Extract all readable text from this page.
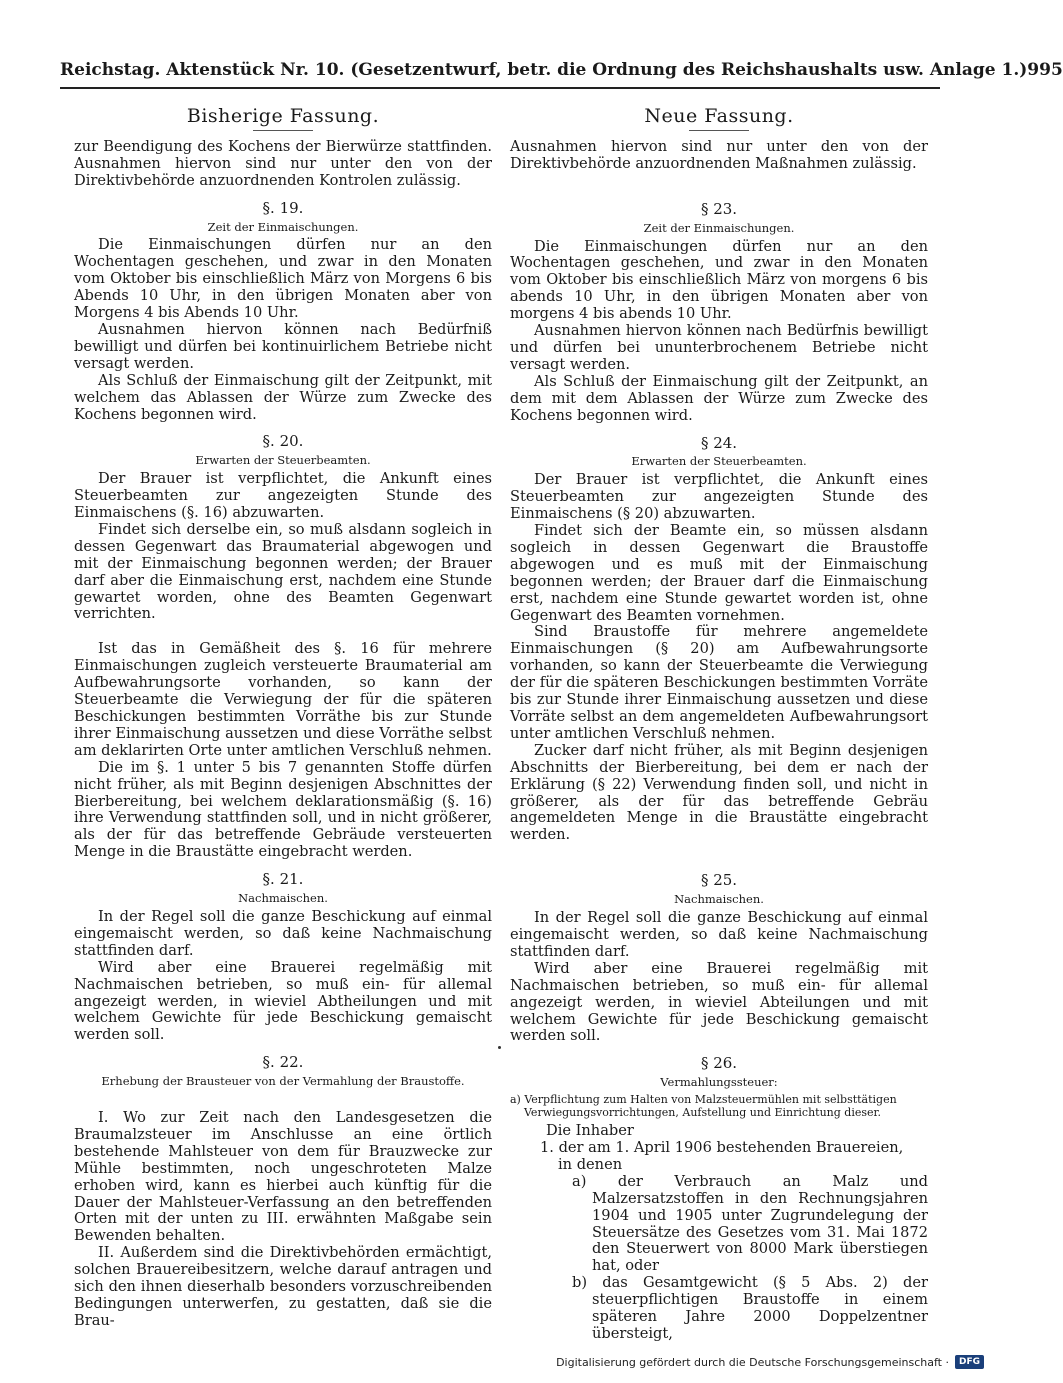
Reichstag. Aktenstück Nr. 10. (Gesetzentwurf, betr. die Ordnung des Reichshaushalts usw. Anlage 1.) 995
Bisherige Fassung.

zur Beendigung des Kochens der Bierwürze stattfinden. Ausnahmen hiervon sind nur unter den von der Direktivbehörde anzuordnenden Kontrolen zulässig.

§. 19.
Zeit der Einmaischungen.

Die Einmaischungen dürfen nur an den Wochentagen geschehen, und zwar in den Monaten vom Oktober bis einschließlich März von Morgens 6 bis Abends 10 Uhr, in den übrigen Monaten aber von Morgens 4 bis Abends 10 Uhr.

Ausnahmen hiervon können nach Bedürfniß bewilligt und dürfen bei kontinuirlichem Betriebe nicht versagt werden.

Als Schluß der Einmaischung gilt der Zeitpunkt, mit welchem das Ablassen der Würze zum Zwecke des Kochens begonnen wird.

§. 20.
Erwarten der Steuerbeamten.

Der Brauer ist verpflichtet, die Ankunft eines Steuerbeamten zur angezeigten Stunde des Einmaischens (§. 16) abzuwarten.

Findet sich derselbe ein, so muß alsdann sogleich in dessen Gegenwart das Braumaterial abgewogen und mit der Einmaischung begonnen werden; der Brauer darf aber die Einmaischung erst, nachdem eine Stunde gewartet worden, ohne des Beamten Gegenwart verrichten.

Ist das in Gemäßheit des §. 16 für mehrere Einmaischungen zugleich versteuerte Braumaterial am Aufbewahrungsorte vorhanden, so kann der Steuerbeamte die Verwiegung der für die späteren Beschickungen bestimmten Vorräthe bis zur Stunde ihrer Einmaischung aussetzen und diese Vorräthe selbst am deklarirten Orte unter amtlichen Verschluß nehmen.

Die im §. 1 unter 5 bis 7 genannten Stoffe dürfen nicht früher, als mit Beginn desjenigen Abschnittes der Bierbereitung, bei welchem deklarationsmäßig (§. 16) ihre Verwendung stattfinden soll, und in nicht größerer, als der für das betreffende Gebräude versteuerten Menge in die Braustätte eingebracht werden.

§. 21.
Nachmaischen.

In der Regel soll die ganze Beschickung auf einmal eingemaischt werden, so daß keine Nachmaischung stattfinden darf.

Wird aber eine Brauerei regelmäßig mit Nachmaischen betrieben, so muß ein- für allemal angezeigt werden, in wieviel Abtheilungen und mit welchem Gewichte für jede Beschickung gemaischt werden soll.

§. 22.
Erhebung der Brausteuer von der Vermahlung der Braustoffe.

I. Wo zur Zeit nach den Landesgesetzen die Braumalzsteuer im Anschlusse an eine örtlich bestehende Mahlsteuer von dem für Brauzwecke zur Mühle bestimmten, noch ungeschroteten Malze erhoben wird, kann es hierbei auch künftig für die Dauer der Mahlsteuer-Verfassung an den betreffenden Orten mit der unten zu III. erwähnten Maßgabe sein Bewenden behalten.

II. Außerdem sind die Direktivbehörden ermächtigt, solchen Brauereibesitzern, welche darauf antragen und sich den ihnen dieserhalb besonders vorzuschreibenden Bedingungen unterwerfen, zu gestatten, daß sie die Brau-

Neue Fassung.

Ausnahmen hiervon sind nur unter den von der Direktivbehörde anzuordnenden Maßnahmen zulässig.

§ 23.
Zeit der Einmaischungen.

Die Einmaischungen dürfen nur an den Wochentagen geschehen, und zwar in den Monaten vom Oktober bis einschließlich März von morgens 6 bis abends 10 Uhr, in den übrigen Monaten aber von morgens 4 bis abends 10 Uhr.

Ausnahmen hiervon können nach Bedürfnis bewilligt und dürfen bei ununterbrochenem Betriebe nicht versagt werden.

Als Schluß der Einmaischung gilt der Zeitpunkt, an dem mit dem Ablassen der Würze zum Zwecke des Kochens begonnen wird.

§ 24.
Erwarten der Steuerbeamten.

Der Brauer ist verpflichtet, die Ankunft eines Steuerbeamten zur angezeigten Stunde des Einmaischens (§ 20) abzuwarten.

Findet sich der Beamte ein, so müssen alsdann sogleich in dessen Gegenwart die Braustoffe abgewogen und es muß mit der Einmaischung begonnen werden; der Brauer darf die Einmaischung erst, nachdem eine Stunde gewartet worden ist, ohne Gegenwart des Beamten vornehmen.

Sind Braustoffe für mehrere angemeldete Einmaischungen (§ 20) am Aufbewahrungsorte vorhanden, so kann der Steuerbeamte die Verwiegung der für die späteren Beschickungen bestimmten Vorräte bis zur Stunde ihrer Einmaischung aussetzen und diese Vorräte selbst an dem angemeldeten Aufbewahrungsort unter amtlichen Verschluß nehmen.

Zucker darf nicht früher, als mit Beginn desjenigen Abschnitts der Bierbereitung, bei dem er nach der Erklärung (§ 22) Verwendung finden soll, und nicht in größerer, als der für das betreffende Gebräu angemeldeten Menge in die Braustätte eingebracht werden.

§ 25.
Nachmaischen.

In der Regel soll die ganze Beschickung auf einmal eingemaischt werden, so daß keine Nachmaischung stattfinden darf.

Wird aber eine Brauerei regelmäßig mit Nachmaischen betrieben, so muß ein- für allemal angezeigt werden, in wieviel Abteilungen und mit welchem Gewichte für jede Beschickung gemaischt werden soll.

§ 26.
Vermahlungssteuer:
a) Verpflichtung zum Halten von Malzsteuermühlen mit selbsttätigen Verwiegungsvorrichtungen, Aufstellung und Einrichtung dieser.

Die Inhaber

1. der am 1. April 1906 bestehenden Brauereien,

in denen

a) der Verbrauch an Malz und Malzersatzstoffen in den Rechnungsjahren 1904 und 1905 unter Zugrundelegung der Steuersätze des Gesetzes vom 31. Mai 1872 den Steuerwert von 8000 Mark überstiegen hat, oder

b) das Gesamtgewicht (§ 5 Abs. 2) der steuerpflichtigen Braustoffe in einem späteren Jahre 2000 Doppelzentner übersteigt,

Digitalisierung gefördert durch die Deutsche Forschungsgemeinschaft ·	DFG
